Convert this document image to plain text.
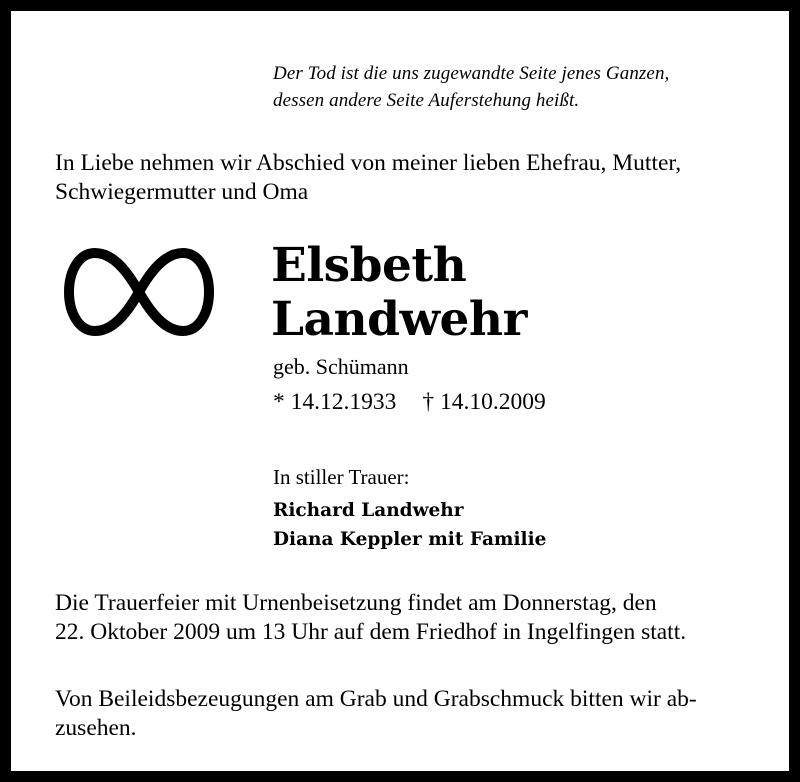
Der Tod ist die uns zugewandte Seite jenes Ganzen,
dessen andere Seite Auferstehung heißt.
In Liebe nehmen wir Abschied von meiner lieben Ehefrau, Mutter,
Schwiegermutter und Oma
Elsbeth
Landwehr
geb. Schümann
* 14.12.1933 † 14.10.2009
In stiller Trauer:
Richard Landwehr
Diana Keppler mit Familie
Die Trauerfeier mit Urnenbeisetzung findet am Donnerstag, den
22. Oktober 2009 um 13 Uhr auf dem Friedhof in Ingelfingen statt.
Von Beileidsbezeugungen am Grab und Grabschmuck bitten wir ab-
zusehen.
